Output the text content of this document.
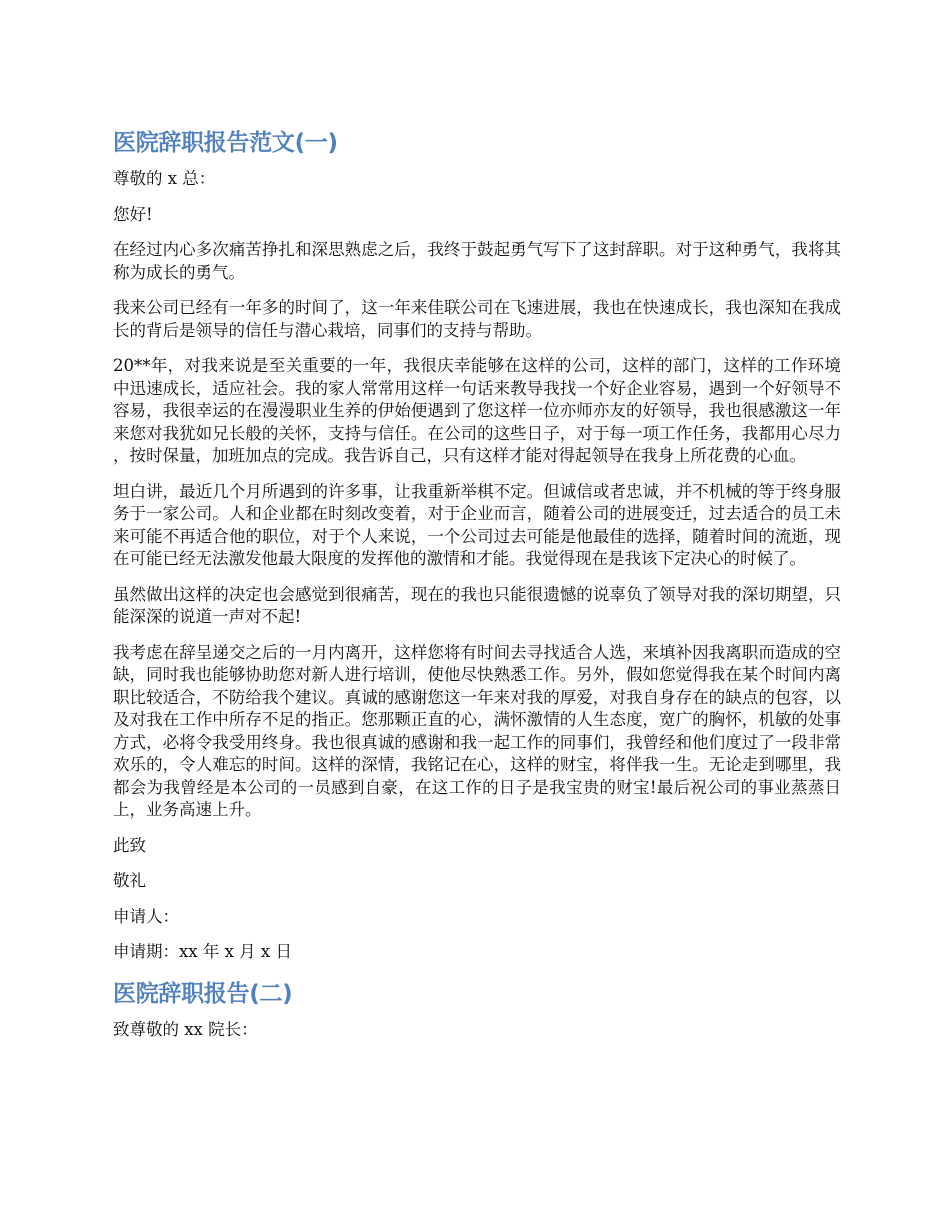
医院辞职报告范文(一)

尊敬的 x 总：

您好!

在经过内心多次痛苦挣扎和深思熟虑之后，我终于鼓起勇气写下了这封辞职。对于这种勇气，我将其称为成长的勇气。

我来公司已经有一年多的时间了，这一年来佳联公司在飞速进展，我也在快速成长，我也深知在我成长的背后是领导的信任与潜心栽培，同事们的支持与帮助。

20**年，对我来说是至关重要的一年，我很庆幸能够在这样的公司，这样的部门，这样的工作环境中迅速成长，适应社会。我的家人常常用这样一句话来教导我找一个好企业容易，遇到一个好领导不容易，我很幸运的在漫漫职业生养的伊始便遇到了您这样一位亦师亦友的好领导，我也很感激这一年来您对我犹如兄长般的关怀，支持与信任。在公司的这些日子，对于每一项工作任务，我都用心尽力，按时保量，加班加点的完成。我告诉自己，只有这样才能对得起领导在我身上所花费的心血。

坦白讲，最近几个月所遇到的许多事，让我重新举棋不定。但诚信或者忠诚，并不机械的等于终身服务于一家公司。人和企业都在时刻改变着，对于企业而言，随着公司的进展变迁，过去适合的员工未来可能不再适合他的职位，对于个人来说，一个公司过去可能是他最佳的选择，随着时间的流逝，现在可能已经无法激发他最大限度的发挥他的激情和才能。我觉得现在是我该下定决心的时候了。

虽然做出这样的决定也会感觉到很痛苦，现在的我也只能很遗憾的说辜负了领导对我的深切期望，只能深深的说道一声对不起!

我考虑在辞呈递交之后的一月内离开，这样您将有时间去寻找适合人选，来填补因我离职而造成的空缺，同时我也能够协助您对新人进行培训，使他尽快熟悉工作。另外，假如您觉得我在某个时间内离职比较适合，不防给我个建议。真诚的感谢您这一年来对我的厚爱，对我自身存在的缺点的包容，以及对我在工作中所存不足的指正。您那颗正直的心，满怀激情的人生态度，宽广的胸怀，机敏的处事方式，必将令我受用终身。我也很真诚的感谢和我一起工作的同事们，我曾经和他们度过了一段非常欢乐的，令人难忘的时间。这样的深情，我铭记在心，这样的财宝，将伴我一生。无论走到哪里，我都会为我曾经是本公司的一员感到自豪，在这工作的日子是我宝贵的财宝!最后祝公司的事业蒸蒸日上，业务高速上升。

此致

敬礼

申请人：

申请期：xx 年 x 月 x 日

医院辞职报告(二)

致尊敬的 xx 院长：
